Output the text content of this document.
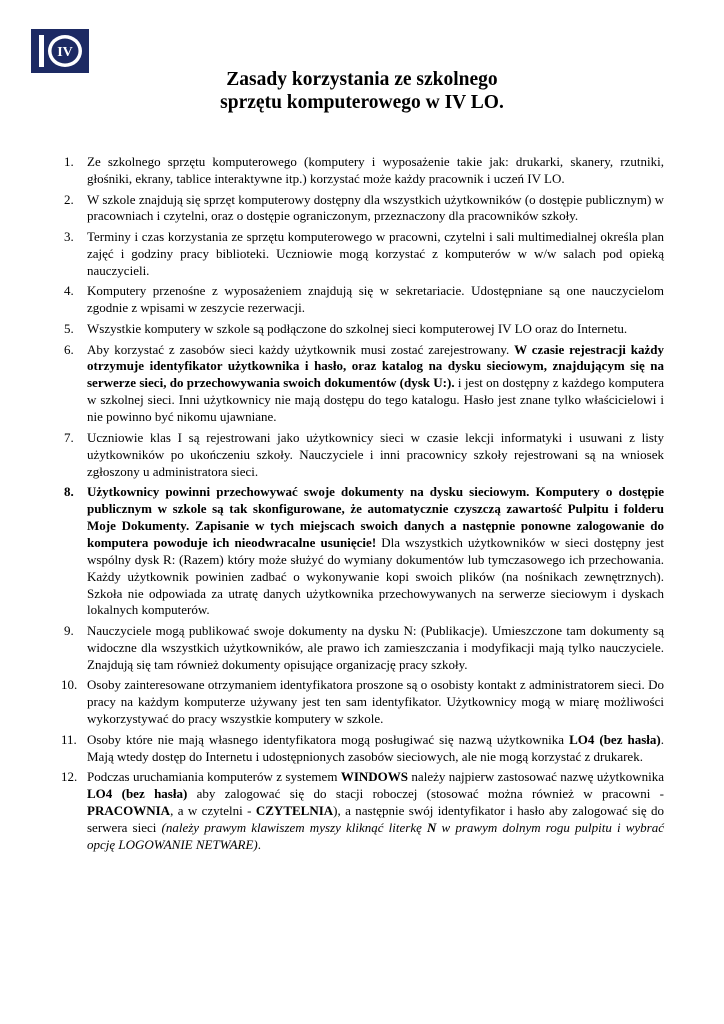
IV
Zasady korzystania ze szkolnego
sprzętu komputerowego w IV LO.
1. Ze szkolnego sprzętu komputerowego (komputery i wyposażenie takie jak: drukarki, skanery, rzutniki, głośniki, ekrany, tablice interaktywne itp.) korzystać może każdy pracownik i uczeń IV LO.
2. W szkole znajdują się sprzęt komputerowy dostępny dla wszystkich użytkowników (o dostępie publicznym) w pracowniach i czytelni, oraz o dostępie ograniczonym, przeznaczony dla pracowników szkoły.
3. Terminy i czas korzystania ze sprzętu komputerowego w pracowni, czytelni i sali multimedialnej określa plan zajęć i godziny pracy biblioteki. Uczniowie mogą korzystać z komputerów w w/w salach pod opieką nauczycieli.
4. Komputery przenośne z wyposażeniem znajdują się w sekretariacie. Udostępniane są one nauczycielom zgodnie z wpisami w zeszycie rezerwacji.
5. Wszystkie komputery w szkole są podłączone do szkolnej sieci komputerowej IV LO oraz do Internetu.
6. Aby korzystać z zasobów sieci każdy użytkownik musi zostać zarejestrowany. W czasie rejestracji każdy otrzymuje identyfikator użytkownika i hasło, oraz katalog na dysku sieciowym, znajdującym się na serwerze sieci, do przechowywania swoich dokumentów (dysk U:). i jest on dostępny z każdego komputera w szkolnej sieci. Inni użytkownicy nie mają dostępu do tego katalogu. Hasło jest znane tylko właścicielowi i nie powinno być nikomu ujawniane.
7. Uczniowie klas I są rejestrowani jako użytkownicy sieci w czasie lekcji informatyki i usuwani z listy użytkowników po ukończeniu szkoły. Nauczyciele i inni pracownicy szkoły rejestrowani są na wniosek zgłoszony u administratora sieci.
8. Użytkownicy powinni przechowywać swoje dokumenty na dysku sieciowym. Komputery o dostępie publicznym w szkole są tak skonfigurowane, że automatycznie czyszczą zawartość Pulpitu i folderu Moje Dokumenty. Zapisanie w tych miejscach swoich danych a następnie ponowne zalogowanie do komputera powoduje ich nieodwracalne usunięcie! Dla wszystkich użytkowników w sieci dostępny jest wspólny dysk R: (Razem) który może służyć do wymiany dokumentów lub tymczasowego ich przechowania. Każdy użytkownik powinien zadbać o wykonywanie kopi swoich plików (na nośnikach zewnętrznych). Szkoła nie odpowiada za utratę danych użytkownika przechowywanych na serwerze sieciowym i dyskach lokalnych komputerów.
9. Nauczyciele mogą publikować swoje dokumenty na dysku N: (Publikacje). Umieszczone tam dokumenty są widoczne dla wszystkich użytkowników, ale prawo ich zamieszczania i modyfikacji mają tylko nauczyciele. Znajdują się tam również dokumenty opisujące organizację pracy szkoły.
10. Osoby zainteresowane otrzymaniem identyfikatora proszone są o osobisty kontakt z administratorem sieci. Do pracy na każdym komputerze używany jest ten sam identyfikator. Użytkownicy mogą w miarę możliwości wykorzystywać do pracy wszystkie komputery w szkole.
11. Osoby które nie mają własnego identyfikatora mogą posługiwać się nazwą użytkownika LO4 (bez hasła). Mają wtedy dostęp do Internetu i udostępnionych zasobów sieciowych, ale nie mogą korzystać z drukarek.
12. Podczas uruchamiania komputerów z systemem WINDOWS należy najpierw zastosować nazwę użytkownika LO4 (bez hasła) aby zalogować się do stacji roboczej (stosować można również w pracowni - PRACOWNIA, a w czytelni - CZYTELNIA), a następnie swój identyfikator i hasło aby zalogować się do serwera sieci (należy prawym klawiszem myszy kliknąć literkę N w prawym dolnym rogu pulpitu i wybrać opcję LOGOWANIE NETWARE).
